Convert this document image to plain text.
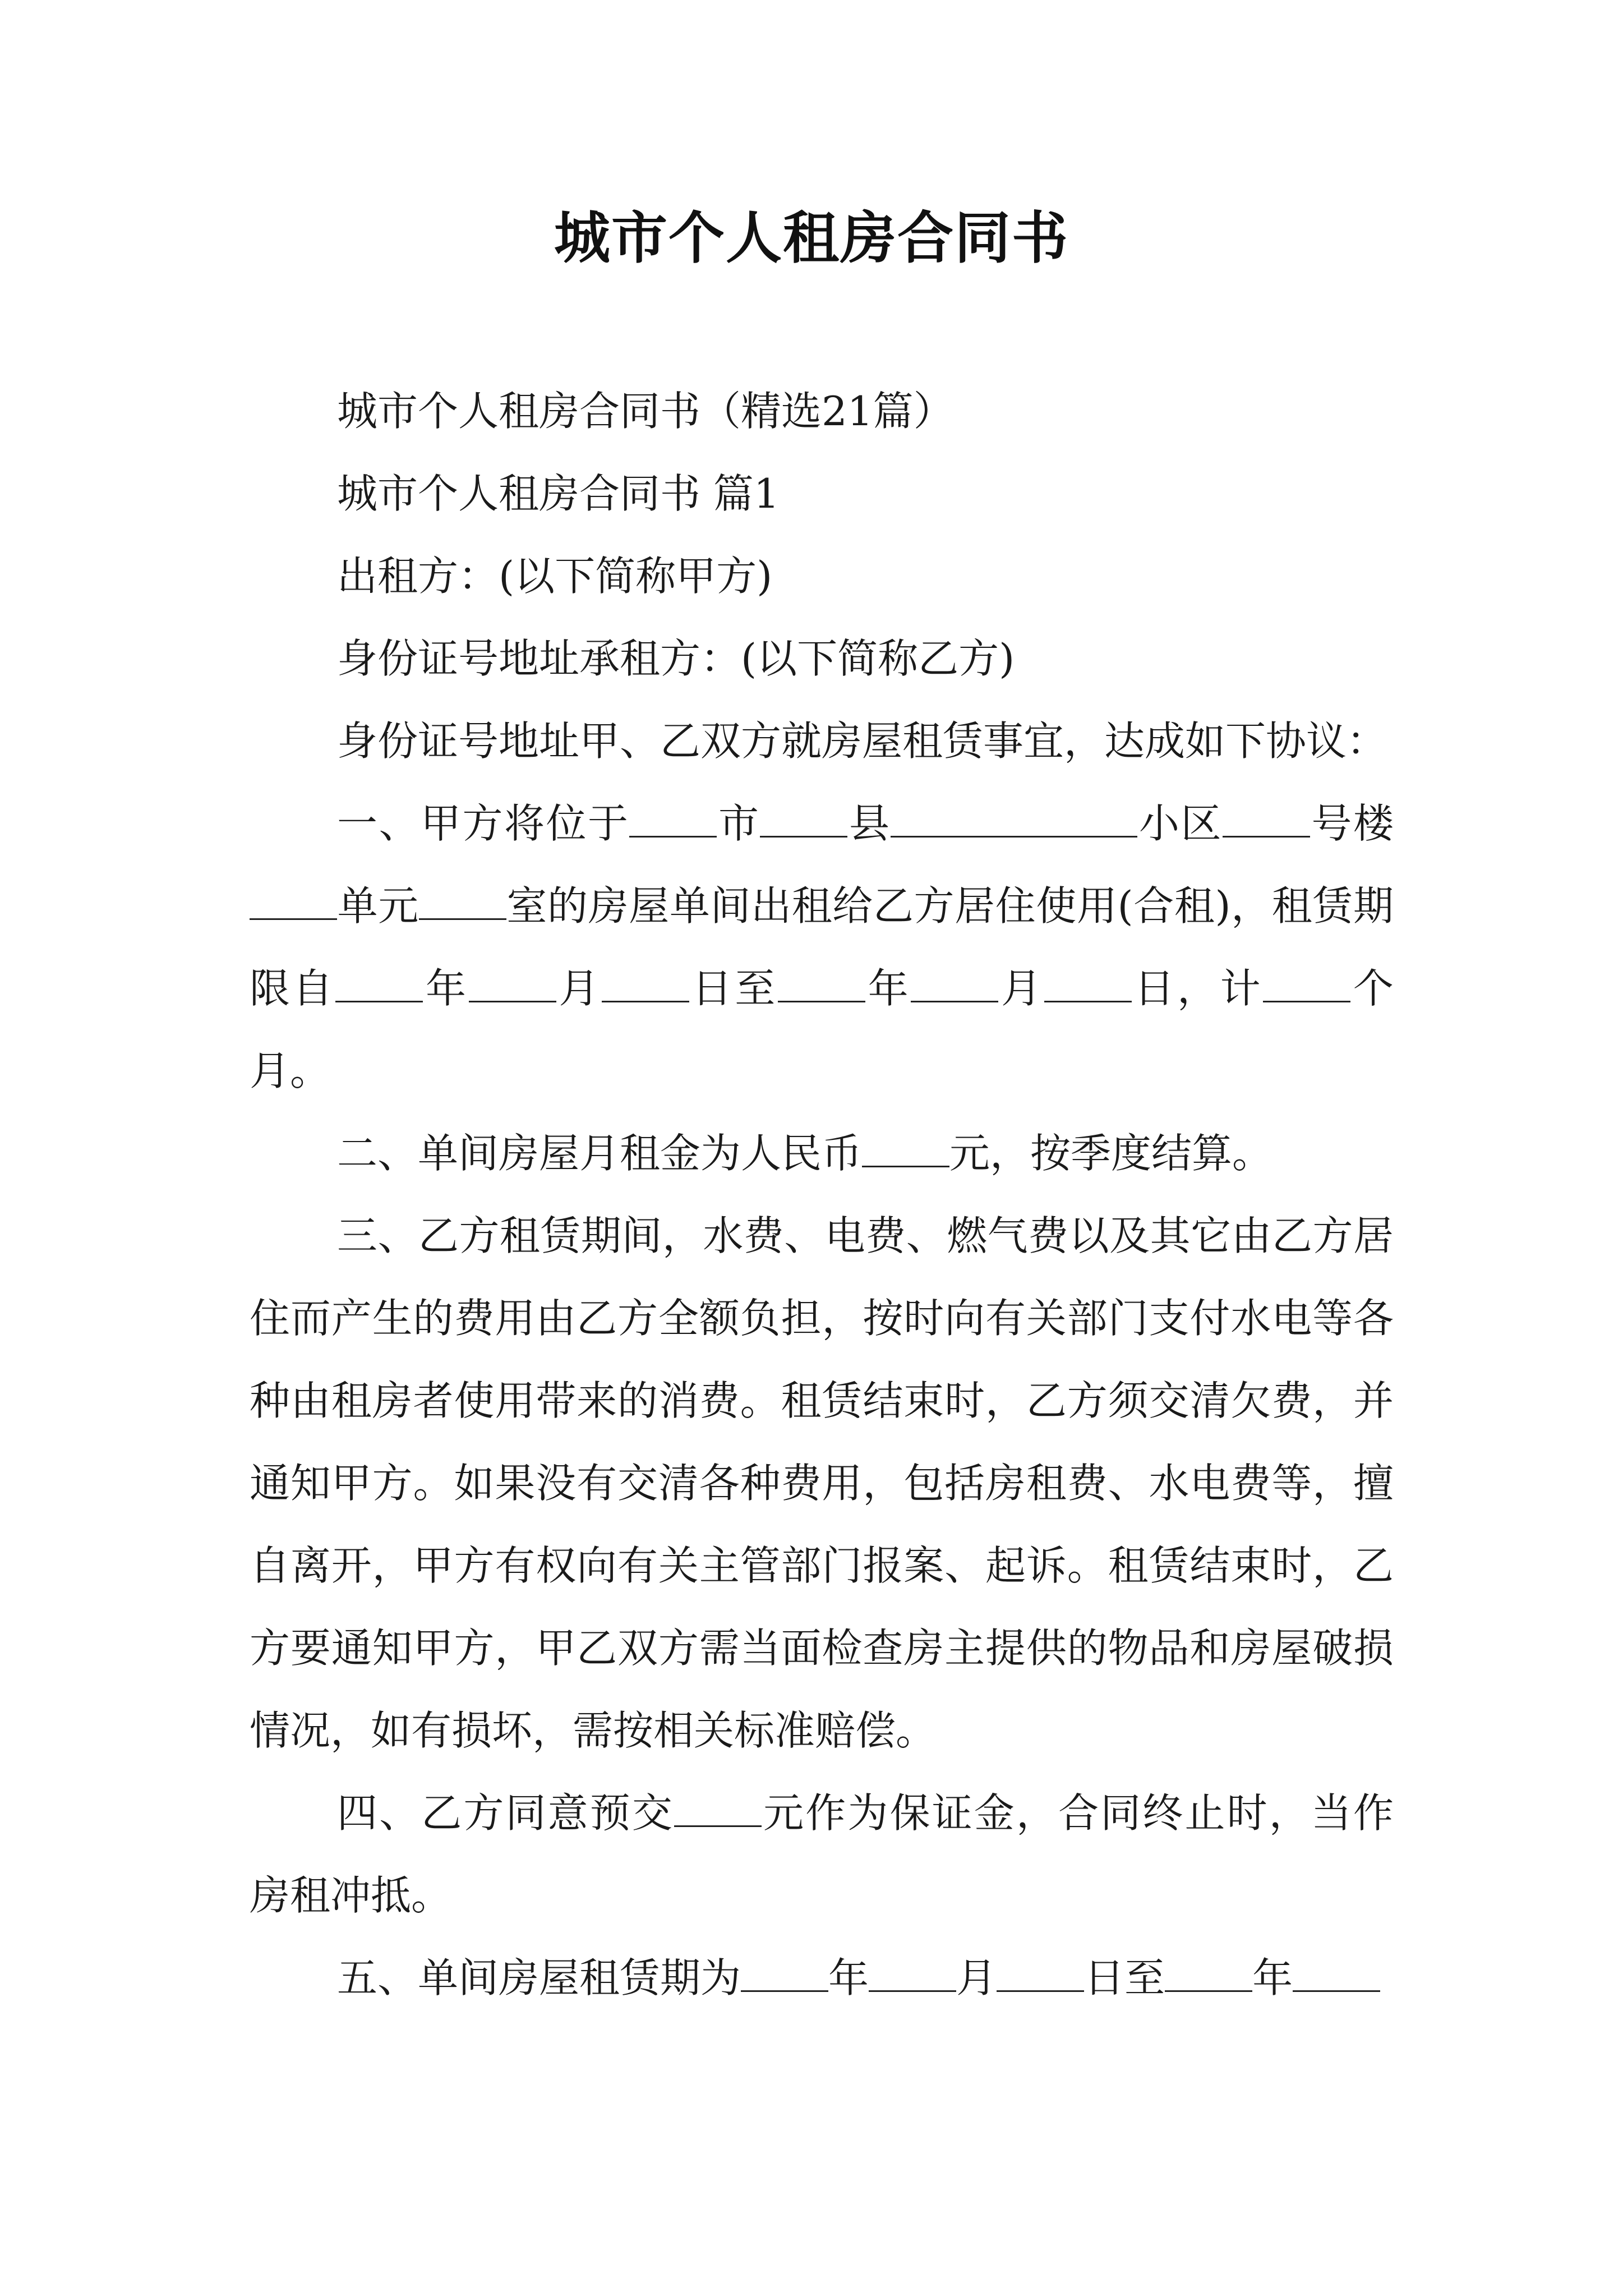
城市个人租房合同书

城市个人租房合同书（精选21篇）

城市个人租房合同书 篇1

出租方：(以下简称甲方)

身份证号地址承租方：(以下简称乙方)

身份证号地址甲、乙双方就房屋租赁事宜，达成如下协议：

一、甲方将位于 市 县	小区 号楼单元 室的房屋单间出租给乙方居住使用(合租)，租赁期限自 年 月 日至 年 月 日，计 个月。

二、单间房屋月租金为人民币 元，按季度结算。

三、乙方租赁期间，水费、电费、燃气费以及其它由乙方居住而产生的费用由乙方全额负担，按时向有关部门支付水电等各种由租房者使用带来的消费。租赁结束时，乙方须交清欠费，并通知甲方。如果没有交清各种费用，包括房租费、水电费等，擅自离开，甲方有权向有关主管部门报案、起诉。租赁结束时，乙方要通知甲方，甲乙双方需当面检查房主提供的物品和房屋破损情况，如有损坏，需按相关标准赔偿。

四、乙方同意预交 元作为保证金，合同终止时，当作房租冲抵。

五、单间房屋租赁期为 年 月 日至 年
